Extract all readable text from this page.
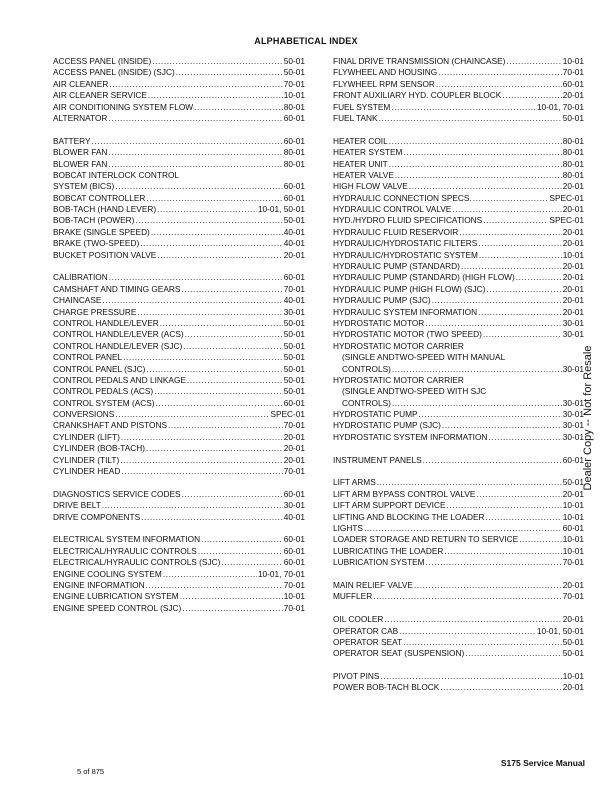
ALPHABETICAL INDEX
ACCESS PANEL (INSIDE) .....	50-01
ACCESS PANEL (INSIDE) (SJC) .....	50-01
AIR CLEANER .....	70-01
AIR CLEANER SERVICE .....	10-01
AIR CONDITIONING SYSTEM FLOW .....	80-01
ALTERNATOR .....	60-01
BATTERY .....	60-01
BLOWER FAN .....	80-01
BLOWER FAN .....	80-01
BOBCAT INTERLOCK CONTROL
SYSTEM (BICS) .....	60-01
BOBCAT CONTROLLER .....	60-01
BOB-TACH (HAND LEVER) .....	10-01, 50-01
BOB-TACH (POWER) .....	50-01
BRAKE (SINGLE SPEED) .....	40-01
BRAKE (TWO-SPEED) .....	40-01
BUCKET POSITION VALVE .....	20-01
CALIBRATION .....	60-01
CAMSHAFT AND TIMING GEARS .....	70-01
CHAINCASE .....	40-01
CHARGE PRESSURE .....	30-01
CONTROL HANDLE/LEVER .....	50-01
CONTROL HANDLE/LEVER (ACS) .....	50-01
CONTROL HANDLE/LEVER (SJC) .....	50-01
CONTROL PANEL .....	50-01
CONTROL PANEL (SJC) .....	50-01
CONTROL PEDALS AND LINKAGE .....	50-01
CONTROL PEDALS (ACS) .....	50-01
CONTROL SYSTEM (ACS) .....	60-01
CONVERSIONS .....	SPEC-01
CRANKSHAFT AND PISTONS .....	70-01
CYLINDER (LIFT) .....	20-01
CYLINDER (BOB-TACH) .....	20-01
CYLINDER (TILT) .....	20-01
CYLINDER HEAD .....	70-01
DIAGNOSTICS SERVICE CODES .....	60-01
DRIVE BELT .....	30-01
DRIVE COMPONENTS .....	40-01
ELECTRICAL SYSTEM INFORMATION .....	60-01
ELECTRICAL/HYRAULIC CONTROLS .....	60-01
ELECTRICAL/HYRAULIC CONTROLS (SJC) .....	60-01
ENGINE COOLING SYSTEM .....	10-01, 70-01
ENGINE INFORMATION .....	70-01
ENGINE LUBRICATION SYSTEM .....	10-01
ENGINE SPEED CONTROL (SJC) .....	70-01
FINAL DRIVE TRANSMISSION (CHAINCASE) .....	10-01
FLYWHEEL AND HOUSING .....	70-01
FLYWHEEL RPM SENSOR .....	60-01
FRONT AUXILIARY HYD. COUPLER BLOCK .....	20-01
FUEL SYSTEM .....	10-01, 70-01
FUEL TANK .....	50-01
HEATER COIL .....	80-01
HEATER SYSTEM .....	80-01
HEATER UNIT .....	80-01
HEATER VALVE .....	80-01
HIGH FLOW VALVE .....	20-01
HYDRAULIC CONNECTION SPECS. .....	SPEC-01
HYDRAULIC CONTROL VALVE .....	20-01
HYD./HYDRO FLUID SPECIFICATIONS .....	SPEC-01
HYDRAULIC FLUID RESERVOIR .....	20-01
HYDRAULIC/HYDROSTATIC FILTERS .....	20-01
HYDRAULIC/HYDROSTATIC SYSTEM .....	10-01
HYDRAULIC PUMP (STANDARD) .....	20-01
HYDRAULIC PUMP (STANDARD) (HIGH FLOW) .....	20-01
HYDRAULIC PUMP (HIGH FLOW) (SJC) .....	20-01
HYDRAULIC PUMP (SJC) .....	20-01
HYDRAULIC SYSTEM INFORMATION .....	20-01
HYDROSTATIC MOTOR .....	30-01
HYDROSTATIC MOTOR (TWO SPEED) .....	30-01
HYDROSTATIC MOTOR CARRIER
(SINGLE ANDTWO-SPEED WITH MANUAL
CONTROLS) .....	30-01
HYDROSTATIC MOTOR CARRIER
(SINGLE ANDTWO-SPEED WITH SJC
CONTROLS) .....	30-01
HYDROSTATIC PUMP .....	30-01
HYDROSTATIC PUMP (SJC) .....	30-01
HYDROSTATIC SYSTEM INFORMATION .....	30-01
INSTRUMENT PANELS .....	60-01
LIFT ARMS .....	50-01
LIFT ARM BYPASS CONTROL VALVE .....	20-01
LIFT ARM SUPPORT DEVICE .....	10-01
LIFTING AND BLOCKING THE LOADER .....	10-01
LIGHTS .....	60-01
LOADER STORAGE AND RETURN TO SERVICE .....	10-01
LUBRICATING THE LOADER .....	10-01
LUBRICATION SYSTEM .....	70-01
MAIN RELIEF VALVE .....	20-01
MUFFLER .....	70-01
OIL COOLER .....	20-01
OPERATOR CAB .....	10-01, 50-01
OPERATOR SEAT .....	50-01
OPERATOR SEAT (SUSPENSION) .....	50-01
PIVOT PINS .....	10-01
POWER BOB-TACH BLOCK .....	20-01
Dealer Copy -- Not for Resale
5 of 875
S175 Service Manual
